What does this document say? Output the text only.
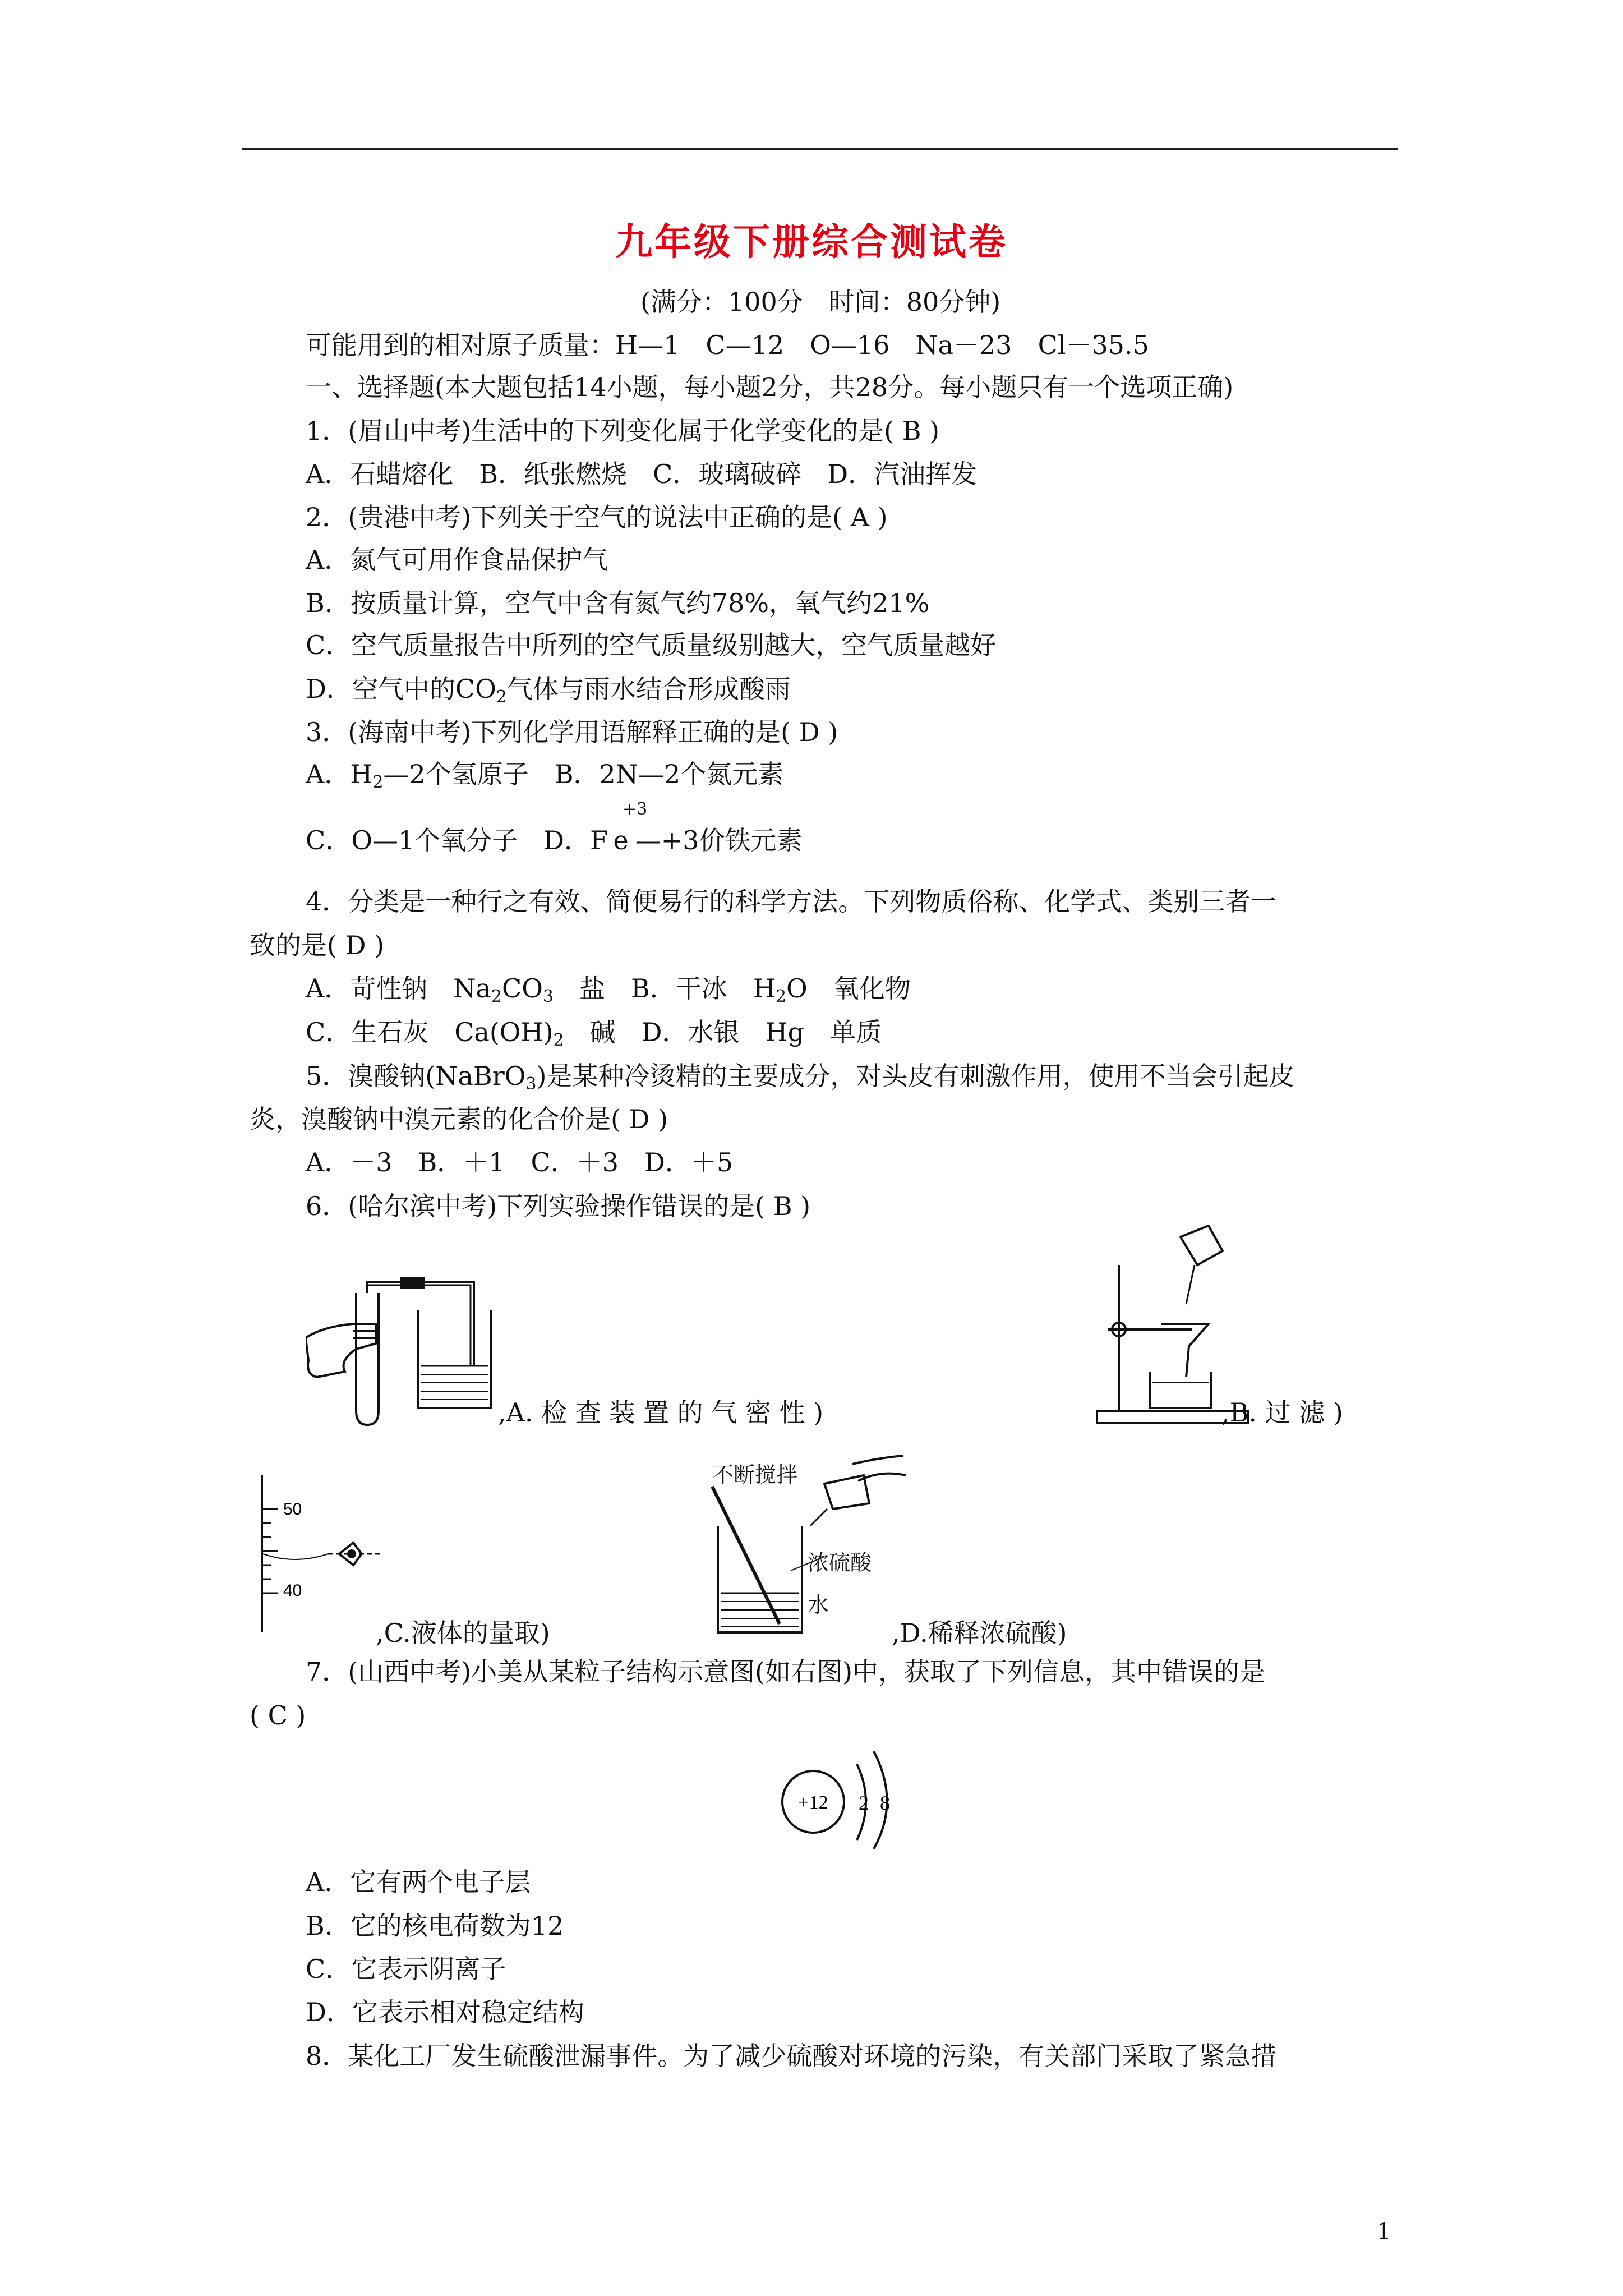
九年级下册综合测试卷
(满分：100分　时间：80分钟)
可能用到的相对原子质量：H—1　C—12　O—16　Na－23　Cl－35.5
一、选择题(本大题包括14小题，每小题2分，共28分。每小题只有一个选项正确)
1．(眉山中考)生活中的下列变化属于化学变化的是( B )
A．石蜡熔化　B．纸张燃烧　C．玻璃破碎　D．汽油挥发
2．(贵港中考)下列关于空气的说法中正确的是( A )
A．氮气可用作食品保护气
B．按质量计算，空气中含有氮气约78%，氧气约21%
C．空气质量报告中所列的空气质量级别越大，空气质量越好
D．空气中的$CO_2$气体与雨水结合形成酸雨
3．(海南中考)下列化学用语解释正确的是( D )
A．$H_2—2$个氢原子　B．2N—2个氮元素
+3
C．O—1个氧分子　D．Fe—+3价铁元素
4．分类是一种行之有效、简便易行的科学方法。下列物质俗称、化学式、类别三者一
致的是( D )
A．苛性钠　$Na_2CO_3$　盐　B．干冰　$H_2O$　氧化物
C．生石灰　$Ca(OH)_2$　碱　D．水银　Hg　单质
5．溴酸钠(NaBrO$_3$)是某种冷烫精的主要成分，对头皮有刺激作用，使用不当会引起皮
炎，溴酸钠中溴元素的化合价是( D )
A．－3　B．＋1　C．＋3　D．＋5
6．(哈尔滨中考)下列实验操作错误的是( B )
,A. 检 查 装 置 的 气 密 性 )	,B. 过 滤 )
50
40
,C.液体的量取)
不断搅拌
浓硫酸
水
,D.稀释浓硫酸)
7．(山西中考)小美从某粒子结构示意图(如右图)中，获取了下列信息，其中错误的是
( C )
+12 2 8
A．它有两个电子层
B．它的核电荷数为12
C．它表示阴离子
D．它表示相对稳定结构
8．某化工厂发生硫酸泄漏事件。为了减少硫酸对环境的污染，有关部门采取了紧急措
1
